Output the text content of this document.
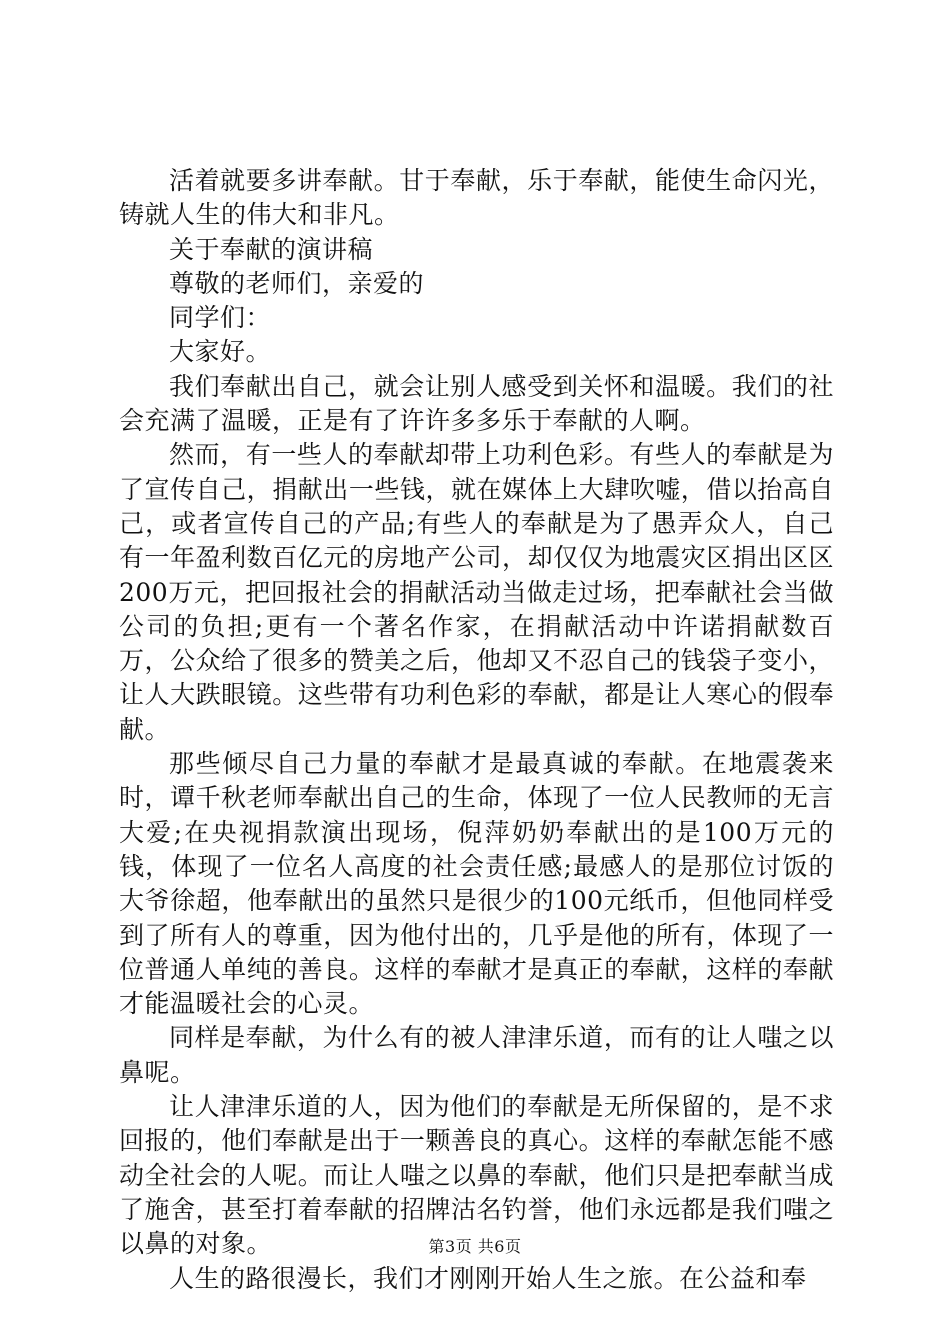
活着就要多讲奉献。甘于奉献，乐于奉献，能使生命闪光，铸就人生的伟大和非凡。

关于奉献的演讲稿

尊敬的老师们，亲爱的

同学们：

大家好。

我们奉献出自己，就会让别人感受到关怀和温暖。我们的社会充满了温暖，正是有了许许多多乐于奉献的人啊。

然而，有一些人的奉献却带上功利色彩。有些人的奉献是为了宣传自己，捐献出一些钱，就在媒体上大肆吹嘘，借以抬高自己，或者宣传自己的产品;有些人的奉献是为了愚弄众人，自己有一年盈利数百亿元的房地产公司，却仅仅为地震灾区捐出区区200万元，把回报社会的捐献活动当做走过场，把奉献社会当做公司的负担;更有一个著名作家，在捐献活动中许诺捐献数百万，公众给了很多的赞美之后，他却又不忍自己的钱袋子变小，让人大跌眼镜。这些带有功利色彩的奉献，都是让人寒心的假奉献。

那些倾尽自己力量的奉献才是最真诚的奉献。在地震袭来时，谭千秋老师奉献出自己的生命，体现了一位人民教师的无言大爱;在央视捐款演出现场，倪萍奶奶奉献出的是100万元的钱，体现了一位名人高度的社会责任感;最感人的是那位讨饭的大爷徐超，他奉献出的虽然只是很少的100元纸币，但他同样受到了所有人的尊重，因为他付出的，几乎是他的所有，体现了一位普通人单纯的善良。这样的奉献才是真正的奉献，这样的奉献才能温暖社会的心灵。

同样是奉献，为什么有的被人津津乐道，而有的让人嗤之以鼻呢。

让人津津乐道的人，因为他们的奉献是无所保留的，是不求回报的，他们奉献是出于一颗善良的真心。这样的奉献怎能不感动全社会的人呢。而让人嗤之以鼻的奉献，他们只是把奉献当成了施舍，甚至打着奉献的招牌沽名钓誉，他们永远都是我们嗤之以鼻的对象。

人生的路很漫长，我们才刚刚开始人生之旅。在公益和奉

第3页 共6页
